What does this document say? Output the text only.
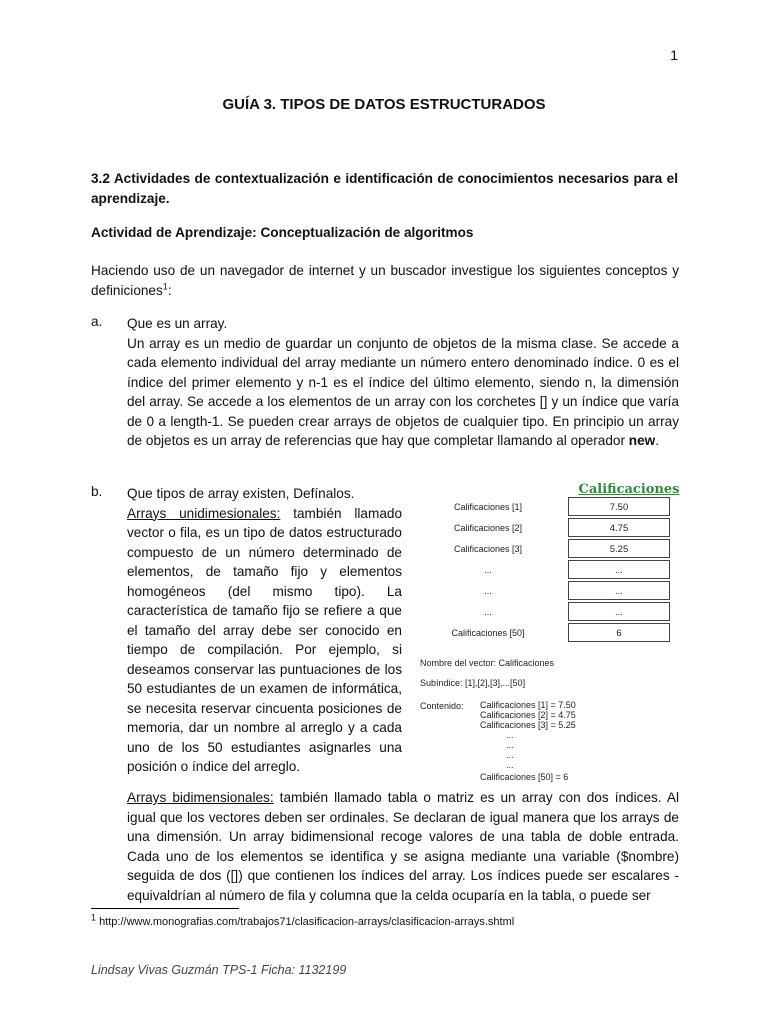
1
GUÍA 3. TIPOS DE DATOS ESTRUCTURADOS
3.2 Actividades de contextualización e identificación de conocimientos necesarios para el aprendizaje.
Actividad de Aprendizaje: Conceptualización de algoritmos
Haciendo uso de un navegador de internet y un buscador investigue los siguientes conceptos y definiciones$^1$:
a. Que es un array.
Un array es un medio de guardar un conjunto de objetos de la misma clase. Se accede a cada elemento individual del array mediante un número entero denominado índice. 0 es el índice del primer elemento y n-1 es el índice del último elemento, siendo n, la dimensión del array. Se accede a los elementos de un array con los corchetes [] y un índice que varía de 0 a length-1. Se pueden crear arrays de objetos de cualquier tipo. En principio un array de objetos es un array de referencias que hay que completar llamando al operador new.
b. Que tipos de array existen, Defínalos.
Arrays unidimesionales: también llamado vector o fila, es un tipo de datos estructurado compuesto de un número determinado de elementos, de tamaño fijo y elementos homogéneos (del mismo tipo). La característica de tamaño fijo se refiere a que el tamaño del array debe ser conocido en tiempo de compilación. Por ejemplo, si deseamos conservar las puntuaciones de los 50 estudiantes de un examen de informática, se necesita reservar cincuenta posiciones de memoria, dar un nombre al arreglo y a cada uno de los 50 estudiantes asignarles una posición o índice del arreglo.
Calificaciones
Calificaciones [1]	7.50
Calificaciones [2]	4.75
Calificaciones [3]	5.25
...	...
...	...
...	...
Calificaciones [50]	6
Nombre del vector: Calificaciones
Subíndice: [1],[2],[3],...[50]
Contenido: Calificaciones [1] = 7.50
Calificaciones [2] = 4.75
Calificaciones [3] = 5.25
...
...
...
...
Calificaciones [50] = 6
Arrays bidimensionales: también llamado tabla o matriz es un array con dos índices. Al igual que los vectores deben ser ordinales. Se declaran de igual manera que los arrays de una dimensión. Un array bidimensional recoge valores de una tabla de doble entrada. Cada uno de los elementos se identifica y se asigna mediante una variable ($nombre) seguida de dos ([]) que contienen los índices del array. Los índices puede ser escalares - equivaldrían al número de fila y columna que la celda ocuparía en la tabla, o puede ser
$^1$ http://www.monografias.com/trabajos71/clasificacion-arrays/clasificacion-arrays.shtml
Lindsay Vivas Guzmán TPS-1 Ficha: 1132199
